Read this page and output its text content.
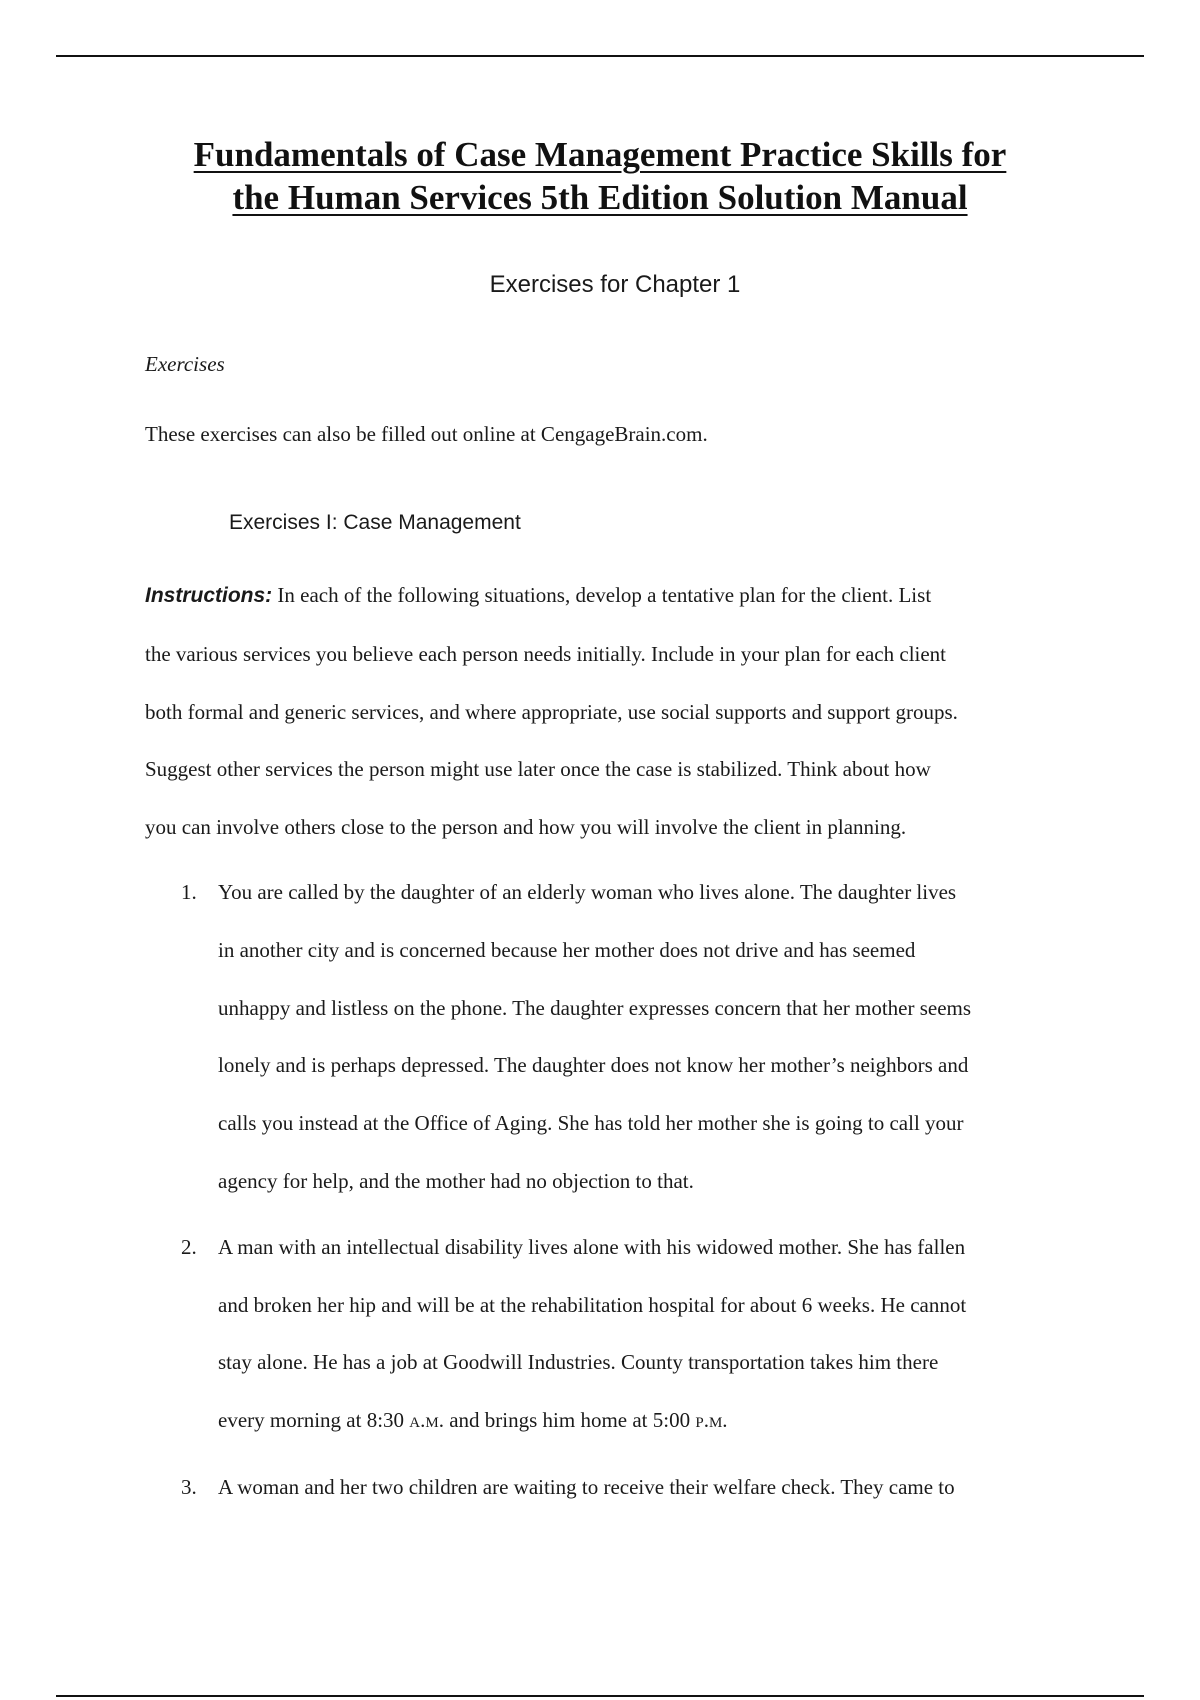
Fundamentals of Case Management Practice Skills for
the Human Services 5th Edition Solution Manual
Exercises for Chapter 1
Exercises
These exercises can also be filled out online at CengageBrain.com.
Exercises I: Case Management
Instructions: In each of the following situations, develop a tentative plan for the client. List
the various services you believe each person needs initially. Include in your plan for each client
both formal and generic services, and where appropriate, use social supports and support groups.
Suggest other services the person might use later once the case is stabilized. Think about how
you can involve others close to the person and how you will involve the client in planning.
1. You are called by the daughter of an elderly woman who lives alone. The daughter lives
in another city and is concerned because her mother does not drive and has seemed
unhappy and listless on the phone. The daughter expresses concern that her mother seems
lonely and is perhaps depressed. The daughter does not know her mother’s neighbors and
calls you instead at the Office of Aging. She has told her mother she is going to call your
agency for help, and the mother had no objection to that.
2. A man with an intellectual disability lives alone with his widowed mother. She has fallen
and broken her hip and will be at the rehabilitation hospital for about 6 weeks. He cannot
stay alone. He has a job at Goodwill Industries. County transportation takes him there
every morning at 8:30 a.m. and brings him home at 5:00 p.m.
3. A woman and her two children are waiting to receive their welfare check. They came to
